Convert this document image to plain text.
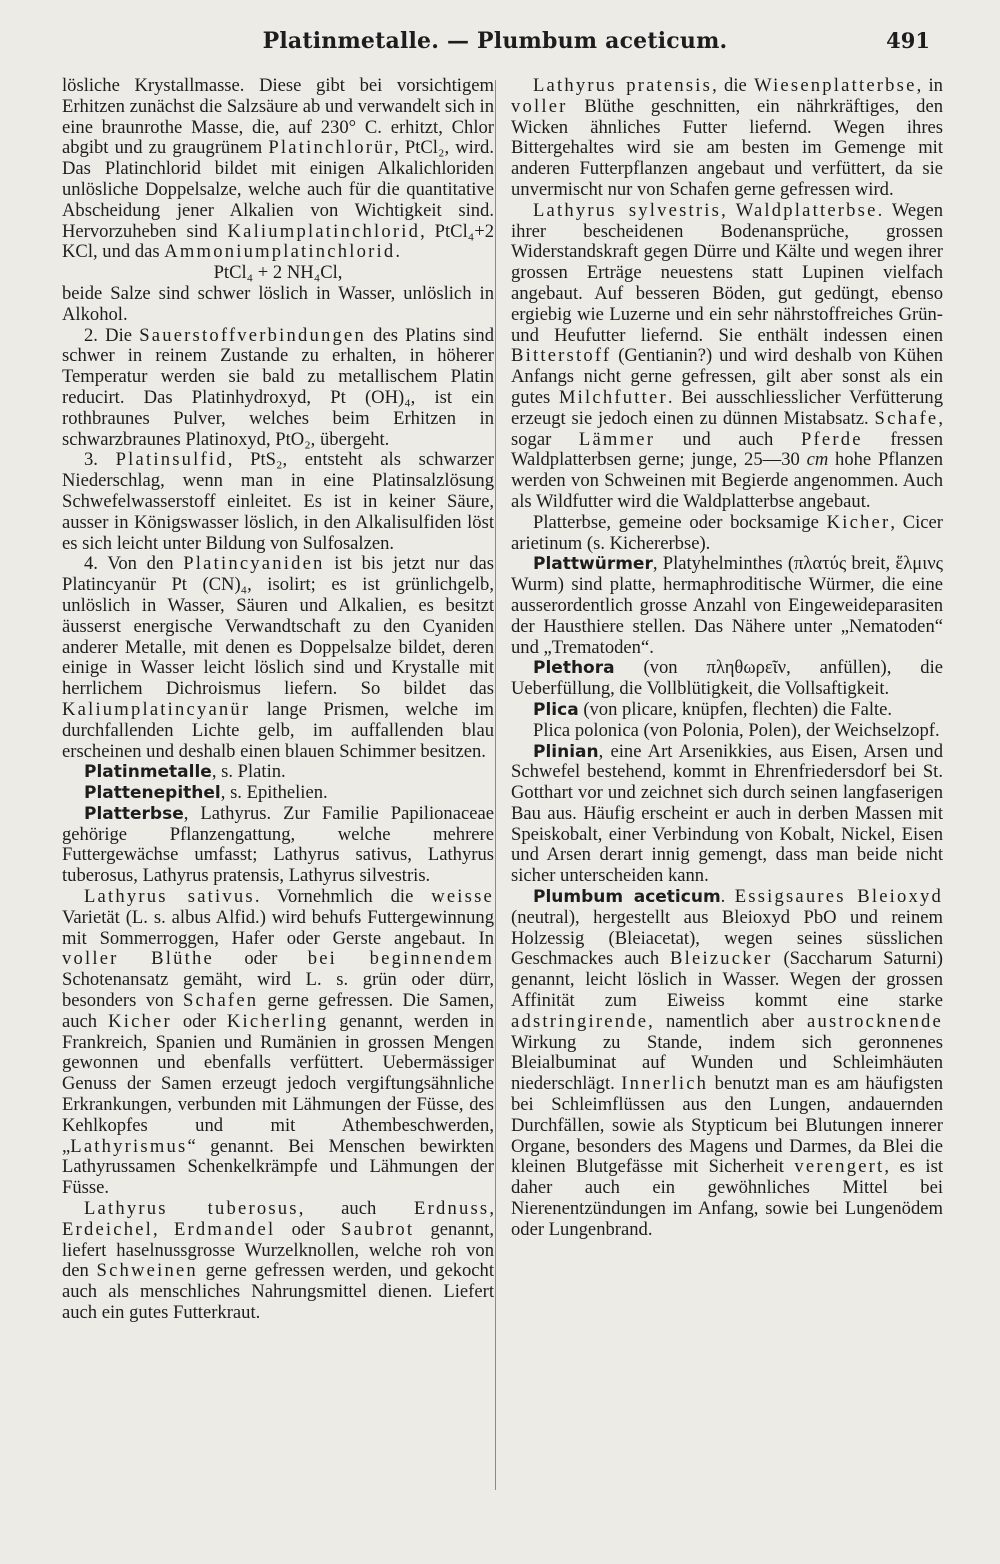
Platinmetalle. — Plumbum aceticum.	491

lösliche Krystallmasse. Diese gibt bei vorsichtigem Erhitzen zunächst die Salzsäure ab und verwandelt sich in eine braunrothe Masse, die, auf 230° C. erhitzt, Chlor abgibt und zu graugrünem Platinchlorür, PtCl₂, wird. Das Platinchlorid bildet mit einigen Alkalichloriden unlösliche Doppelsalze, welche auch für die quantitative Abscheidung jener Alkalien von Wichtigkeit sind. Hervorzuheben sind Kaliumplatinchlorid, PtCl₄+2 KCl, und das Ammoniumplatinchlorid.

PtCl₄ + 2 NH₄Cl,

beide Salze sind schwer löslich in Wasser, unlöslich in Alkohol.

2. Die Sauerstoffverbindungen des Platins sind schwer in reinem Zustande zu erhalten, in höherer Temperatur werden sie bald zu metallischem Platin reducirt. Das Platinhydroxyd, Pt (OH)₄, ist ein rothbraunes Pulver, welches beim Erhitzen in schwarzbraunes Platinoxyd, PtO₂, übergeht.

3. Platinsulfid, PtS₂, entsteht als schwarzer Niederschlag, wenn man in eine Platinsalzlösung Schwefelwasserstoff einleitet. Es ist in keiner Säure, ausser in Königswasser löslich, in den Alkalisulfiden löst es sich leicht unter Bildung von Sulfosalzen.

4. Von den Platincyaniden ist bis jetzt nur das Platincyanür Pt (CN)₄, isolirt; es ist grünlichgelb, unlöslich in Wasser, Säuren und Alkalien, es besitzt äusserst energische Verwandtschaft zu den Cyaniden anderer Metalle, mit denen es Doppelsalze bildet, deren einige in Wasser leicht löslich sind und Krystalle mit herrlichem Dichroismus liefern. So bildet das Kaliumplatincyanür lange Prismen, welche im durchfallenden Lichte gelb, im auffallenden blau erscheinen und deshalb einen blauen Schimmer besitzen.

Platinmetalle, s. Platin.

Plattenepithel, s. Epithelien.

Platterbse, Lathyrus. Zur Familie Papilionaceae gehörige Pflanzengattung, welche mehrere Futtergewächse umfasst; Lathyrus sativus, Lathyrus tuberosus, Lathyrus pratensis, Lathyrus silvestris.

Lathyrus sativus. Vornehmlich die weisse Varietät (L. s. albus Alfid.) wird behufs Futtergewinnung mit Sommerroggen, Hafer oder Gerste angebaut. In voller Blüthe oder bei beginnendem Schotenansatz gemäht, wird L. s. grün oder dürr, besonders von Schafen gerne gefressen. Die Samen, auch Kicher oder Kicherling genannt, werden in Frankreich, Spanien und Rumänien in grossen Mengen gewonnen und ebenfalls verfüttert. Uebermässiger Genuss der Samen erzeugt jedoch vergiftungsähnliche Erkrankungen, verbunden mit Lähmungen der Füsse, des Kehlkopfes und mit Athembeschwerden, „Lathyrismus“ genannt. Bei Menschen bewirkten Lathyrussamen Schenkelkrämpfe und Lähmungen der Füsse.

Lathyrus tuberosus, auch Erdnuss, Erdeichel, Erdmandel oder Saubrot genannt, liefert haselnussgrosse Wurzelknollen, welche roh von den Schweinen gerne gefressen werden, und gekocht auch als menschliches Nahrungsmittel dienen. Liefert auch ein gutes Futterkraut.

Lathyrus pratensis, die Wiesenplatterbse, in voller Blüthe geschnitten, ein nährkräftiges, den Wicken ähnliches Futter liefernd. Wegen ihres Bittergehaltes wird sie am besten im Gemenge mit anderen Futterpflanzen angebaut und verfüttert, da sie unvermischt nur von Schafen gerne gefressen wird.

Lathyrus sylvestris, Waldplatterbse. Wegen ihrer bescheidenen Bodenansprüche, grossen Widerstandskraft gegen Dürre und Kälte und wegen ihrer grossen Erträge neuestens statt Lupinen vielfach angebaut. Auf besseren Böden, gut gedüngt, ebenso ergiebig wie Luzerne und ein sehr nährstoffreiches Grün- und Heufutter liefernd. Sie enthält indessen einen Bitterstoff (Gentianin?) und wird deshalb von Kühen Anfangs nicht gerne gefressen, gilt aber sonst als ein gutes Milchfutter. Bei ausschliesslicher Verfütterung erzeugt sie jedoch einen zu dünnen Mistabsatz. Schafe, sogar Lämmer und auch Pferde fressen Waldplatterbsen gerne; junge, 25—30 cm hohe Pflanzen werden von Schweinen mit Begierde angenommen. Auch als Wildfutter wird die Waldplatterbse angebaut.

Platterbse, gemeine oder bocksamige Kicher, Cicer arietinum (s. Kichererbse).

Plattwürmer, Platyhelminthes (πλατύς breit, ἕλμινς Wurm) sind platte, hermaphroditische Würmer, die eine ausserordentlich grosse Anzahl von Eingeweideparasiten der Hausthiere stellen. Das Nähere unter „Nematoden“ und „Trematoden“.

Plethora (von πληθωρεῖν, anfüllen), die Ueberfüllung, die Vollblütigkeit, die Vollsaftigkeit.

Plica (von plicare, knüpfen, flechten) die Falte.

Plica polonica (von Polonia, Polen), der Weichselzopf.

Plinian, eine Art Arsenikkies, aus Eisen, Arsen und Schwefel bestehend, kommt in Ehrenfriedersdorf bei St. Gotthart vor und zeichnet sich durch seinen langfaserigen Bau aus. Häufig erscheint er auch in derben Massen mit Speiskobalt, einer Verbindung von Kobalt, Nickel, Eisen und Arsen derart innig gemengt, dass man beide nicht sicher unterscheiden kann.

Plumbum aceticum. Essigsaures Bleioxyd (neutral), hergestellt aus Bleioxyd PbO und reinem Holzessig (Bleiacetat), wegen seines süsslichen Geschmackes auch Bleizucker (Saccharum Saturni) genannt, leicht löslich in Wasser. Wegen der grossen Affinität zum Eiweiss kommt eine starke adstringirende, namentlich aber austrocknende Wirkung zu Stande, indem sich geronnenes Bleialbuminat auf Wunden und Schleimhäuten niederschlägt. Innerlich benutzt man es am häufigsten bei Schleimflüssen aus den Lungen, andauernden Durchfällen, sowie als Stypticum bei Blutungen innerer Organe, besonders des Magens und Darmes, da Blei die kleinen Blutgefässe mit Sicherheit verengert, es ist daher auch ein gewöhnliches Mittel bei Nierenentzündungen im Anfang, sowie bei Lungenödem oder Lungenbrand.
